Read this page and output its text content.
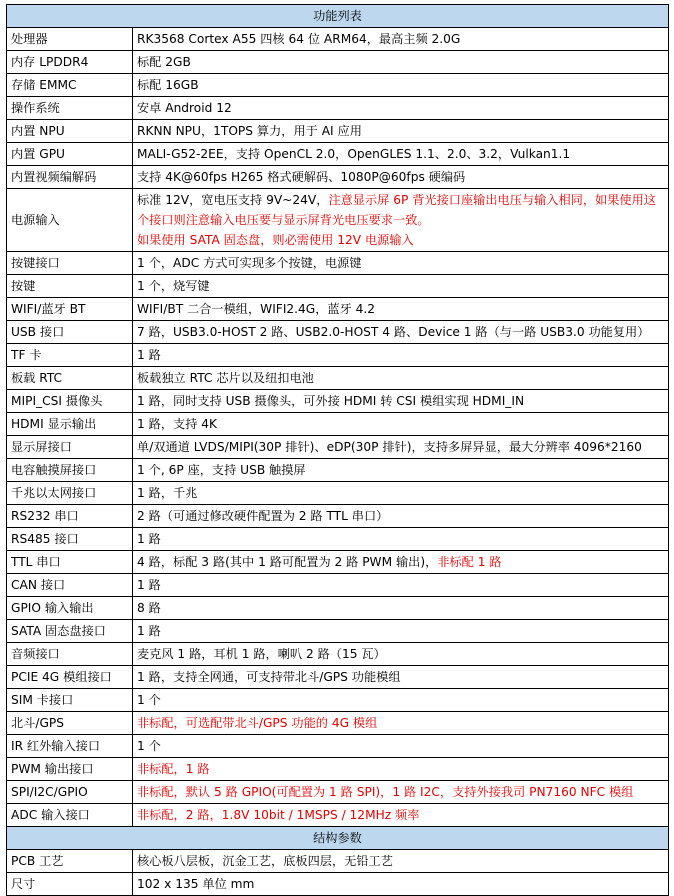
功能列表	
处理器	RK3568 Cortex A55 四核 64 位 ARM64，最高主频 2.0G
内存 LPDDR4	标配 2GB
存储 EMMC	标配 16GB
操作系统	安卓 Android 12
内置 NPU	RKNN NPU，1TOPS 算力，用于 AI 应用
内置 GPU	MALI-G52-2EE，支持 OpenCL 2.0，OpenGLES 1.1、2.0、3.2，Vulkan1.1
内置视频编解码	支持 4K@60fps H265 格式硬解码、1080P@60fps 硬编码
电源输入	标准 12V，宽电压支持 9V~24V，注意显示屏 6P 背光接口座输出电压与输入相同，如果使用这个接口则注意输入电压要与显示屏背光电压要求一致。
如果使用 SATA 固态盘，则必需使用 12V 电源输入
按键接口	1 个，ADC 方式可实现多个按键，电源键
按键	1 个，烧写键
WIFI/蓝牙 BT	WIFI/BT 二合一模组，WIFI2.4G，蓝牙 4.2
USB 接口	7 路，USB3.0-HOST 2 路、USB2.0-HOST 4 路、Device 1 路（与一路 USB3.0 功能复用）
TF 卡	1 路
板载 RTC	板载独立 RTC 芯片以及纽扣电池
MIPI_CSI 摄像头	1 路，同时支持 USB 摄像头，可外接 HDMI 转 CSI 模组实现 HDMI_IN
HDMI 显示输出	1 路，支持 4K
显示屏接口	单/双通道 LVDS/MIPI(30P 排针)、eDP(30P 排针)，支持多屏异显，最大分辨率 4096*2160
电容触摸屏接口	1 个, 6P 座，支持 USB 触摸屏
千兆以太网接口	1 路，千兆
RS232 串口	2 路（可通过修改硬件配置为 2 路 TTL 串口）
RS485 接口	1 路
TTL 串口	4 路，标配 3 路(其中 1 路可配置为 2 路 PWM 输出)，非标配 1 路
CAN 接口	1 路
GPIO 输入输出	8 路
SATA 固态盘接口	1 路
音频接口	麦克风 1 路，耳机 1 路，喇叭 2 路（15 瓦）
PCIE 4G 模组接口	1 路，支持全网通，可支持带北斗/GPS 功能模组
SIM 卡接口	1 个
北斗/GPS	非标配，可选配带北斗/GPS 功能的 4G 模组
IR 红外输入接口	1 个
PWM 输出接口	非标配，1 路
SPI/I2C/GPIO	非标配，默认 5 路 GPIO(可配置为 1 路 SPI)，1 路 I2C，支持外接我司 PN7160 NFC 模组
ADC 输入接口	非标配，2 路，1.8V 10bit / 1MSPS / 12MHz 频率
结构参数	
PCB 工艺	核心板八层板，沉金工艺，底板四层，无铅工艺
尺寸	102 x 135 单位 mm
